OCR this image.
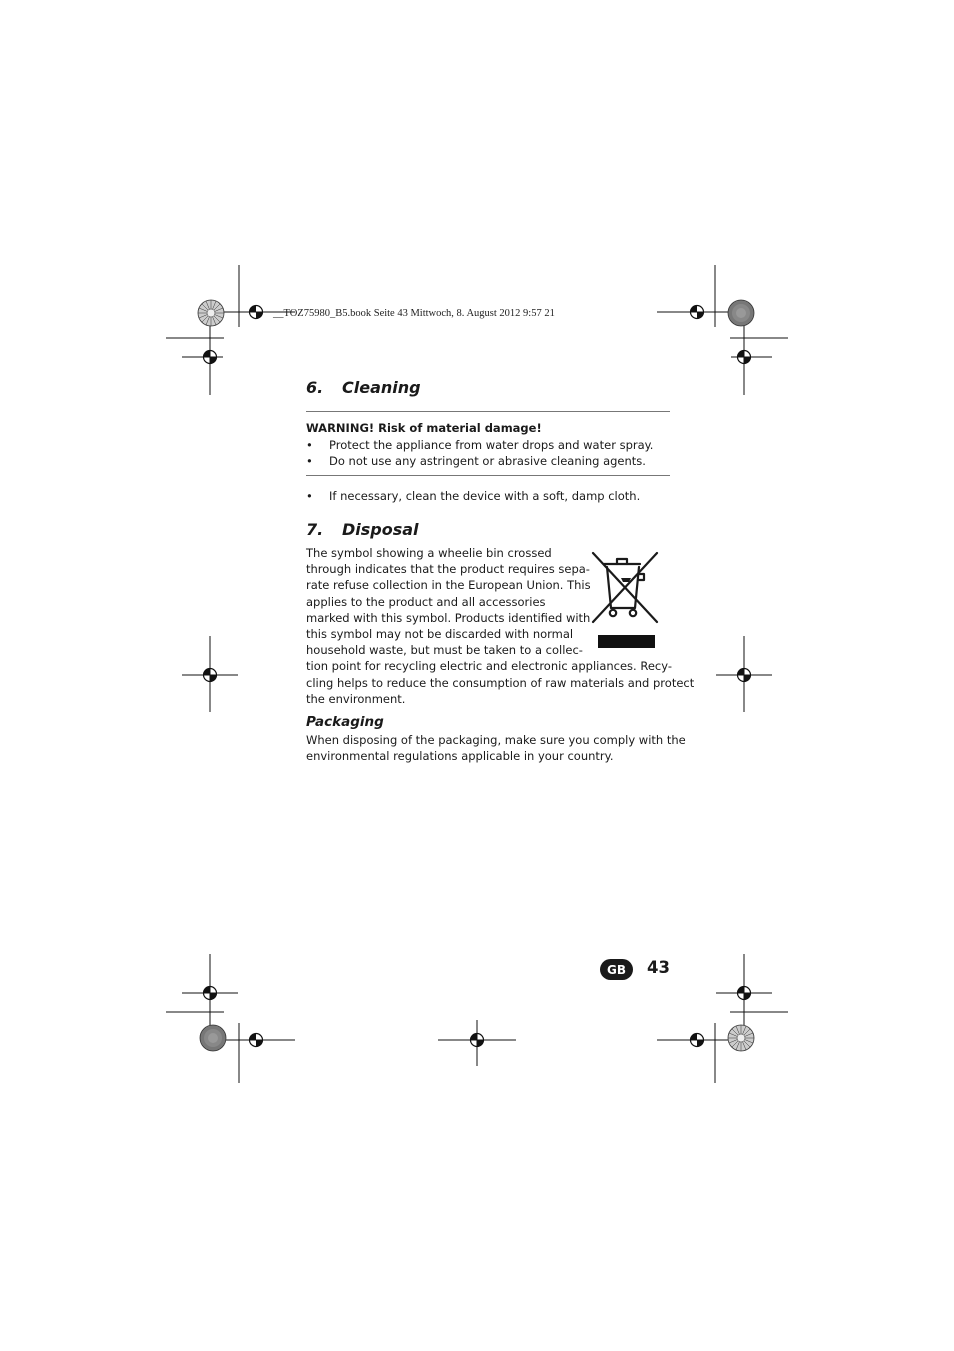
__TOZ75980_B5.book Seite 43 Mittwoch, 8. August 2012 9:57 21
6. Cleaning
WARNING! Risk of material damage!
• Protect the appliance from water drops and water spray.
• Do not use any astringent or abrasive cleaning agents.
• If necessary, clean the device with a soft, damp cloth.
7. Disposal
The symbol showing a wheelie bin crossed
through indicates that the product requires sepa-
rate refuse collection in the European Union. This
applies to the product and all accessories
marked with this symbol. Products identified with
this symbol may not be discarded with normal
household waste, but must be taken to a collec-
tion point for recycling electric and electronic appliances. Recy-
cling helps to reduce the consumption of raw materials and protect
the environment.
Packaging
When disposing of the packaging, make sure you comply with the
environmental regulations applicable in your country.
GB	43
